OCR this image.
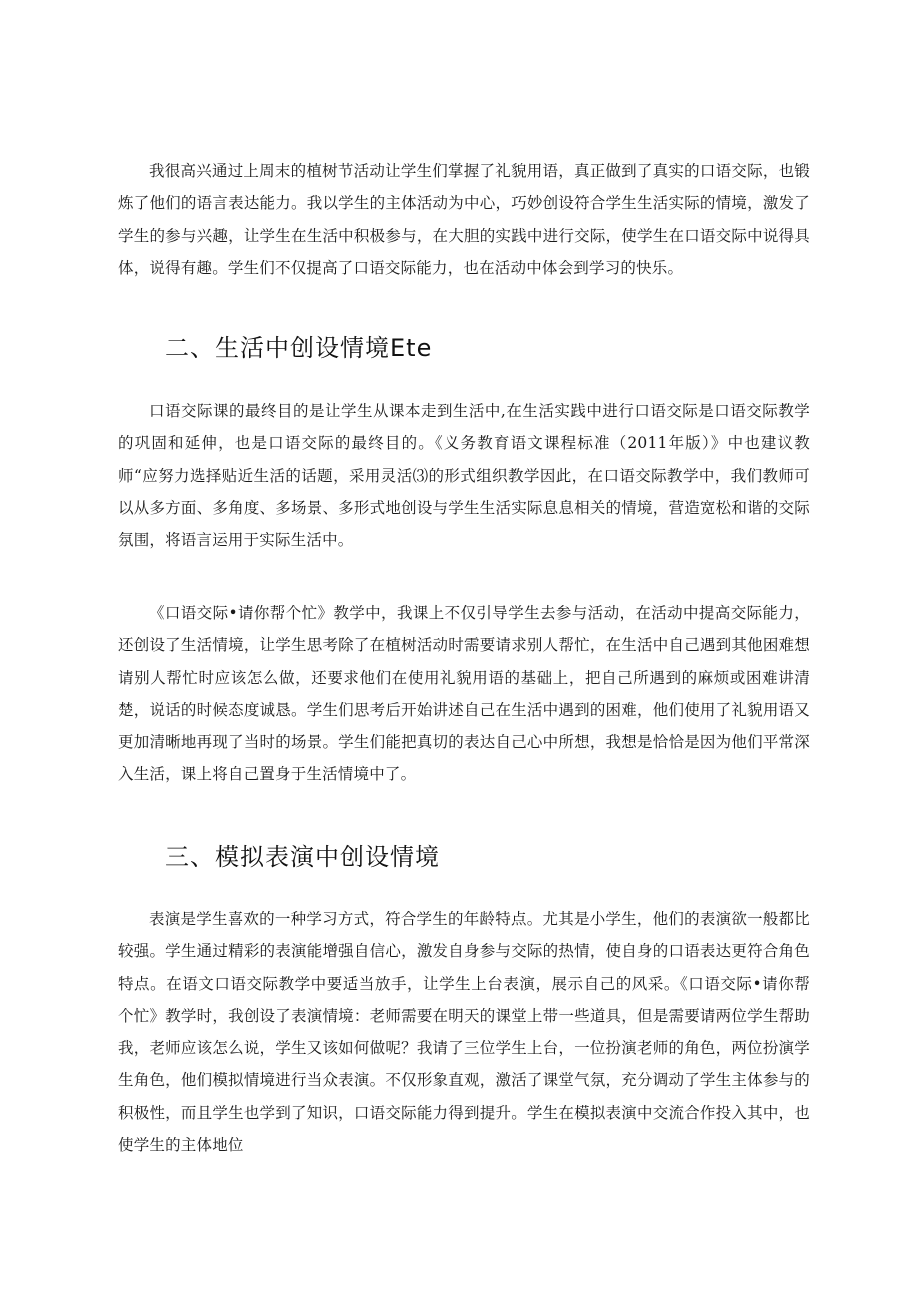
我很高兴通过上周末的植树节活动让学生们掌握了礼貌用语，真正做到了真实的口语交际，也锻炼了他们的语言表达能力。我以学生的主体活动为中心，巧妙创设符合学生生活实际的情境，激发了学生的参与兴趣，让学生在生活中积极参与，在大胆的实践中进行交际，使学生在口语交际中说得具体，说得有趣。学生们不仅提高了口语交际能力，也在活动中体会到学习的快乐。

二、生活中创设情境Ete

口语交际课的最终目的是让学生从课本走到生活中,在生活实践中进行口语交际是口语交际教学的巩固和延伸，也是口语交际的最终目的。《义务教育语文课程标准（2011年版）》中也建议教师“应努力选择贴近生活的话题，采用灵活⑶的形式组织教学因此，在口语交际教学中，我们教师可以从多方面、多角度、多场景、多形式地创设与学生生活实际息息相关的情境，营造宽松和谐的交际氛围，将语言运用于实际生活中。

《口语交际•请你帮个忙》教学中，我课上不仅引导学生去参与活动，在活动中提高交际能力，还创设了生活情境，让学生思考除了在植树活动时需要请求别人帮忙，在生活中自己遇到其他困难想请别人帮忙时应该怎么做，还要求他们在使用礼貌用语的基础上，把自己所遇到的麻烦或困难讲清楚，说话的时候态度诚恳。学生们思考后开始讲述自己在生活中遇到的困难，他们使用了礼貌用语又更加清晰地再现了当时的场景。学生们能把真切的表达自己心中所想，我想是恰恰是因为他们平常深入生活，课上将自己置身于生活情境中了。

三、模拟表演中创设情境

表演是学生喜欢的一种学习方式，符合学生的年龄特点。尤其是小学生，他们的表演欲一般都比较强。学生通过精彩的表演能增强自信心，激发自身参与交际的热情，使自身的口语表达更符合角色特点。在语文口语交际教学中要适当放手，让学生上台表演，展示自己的风采。《口语交际•请你帮个忙》教学时，我创设了表演情境：老师需要在明天的课堂上带一些道具，但是需要请两位学生帮助我，老师应该怎么说，学生又该如何做呢？我请了三位学生上台，一位扮演老师的角色，两位扮演学生角色，他们模拟情境进行当众表演。不仅形象直观，激活了课堂气氛，充分调动了学生主体参与的积极性，而且学生也学到了知识，口语交际能力得到提升。学生在模拟表演中交流合作投入其中，也使学生的主体地位
